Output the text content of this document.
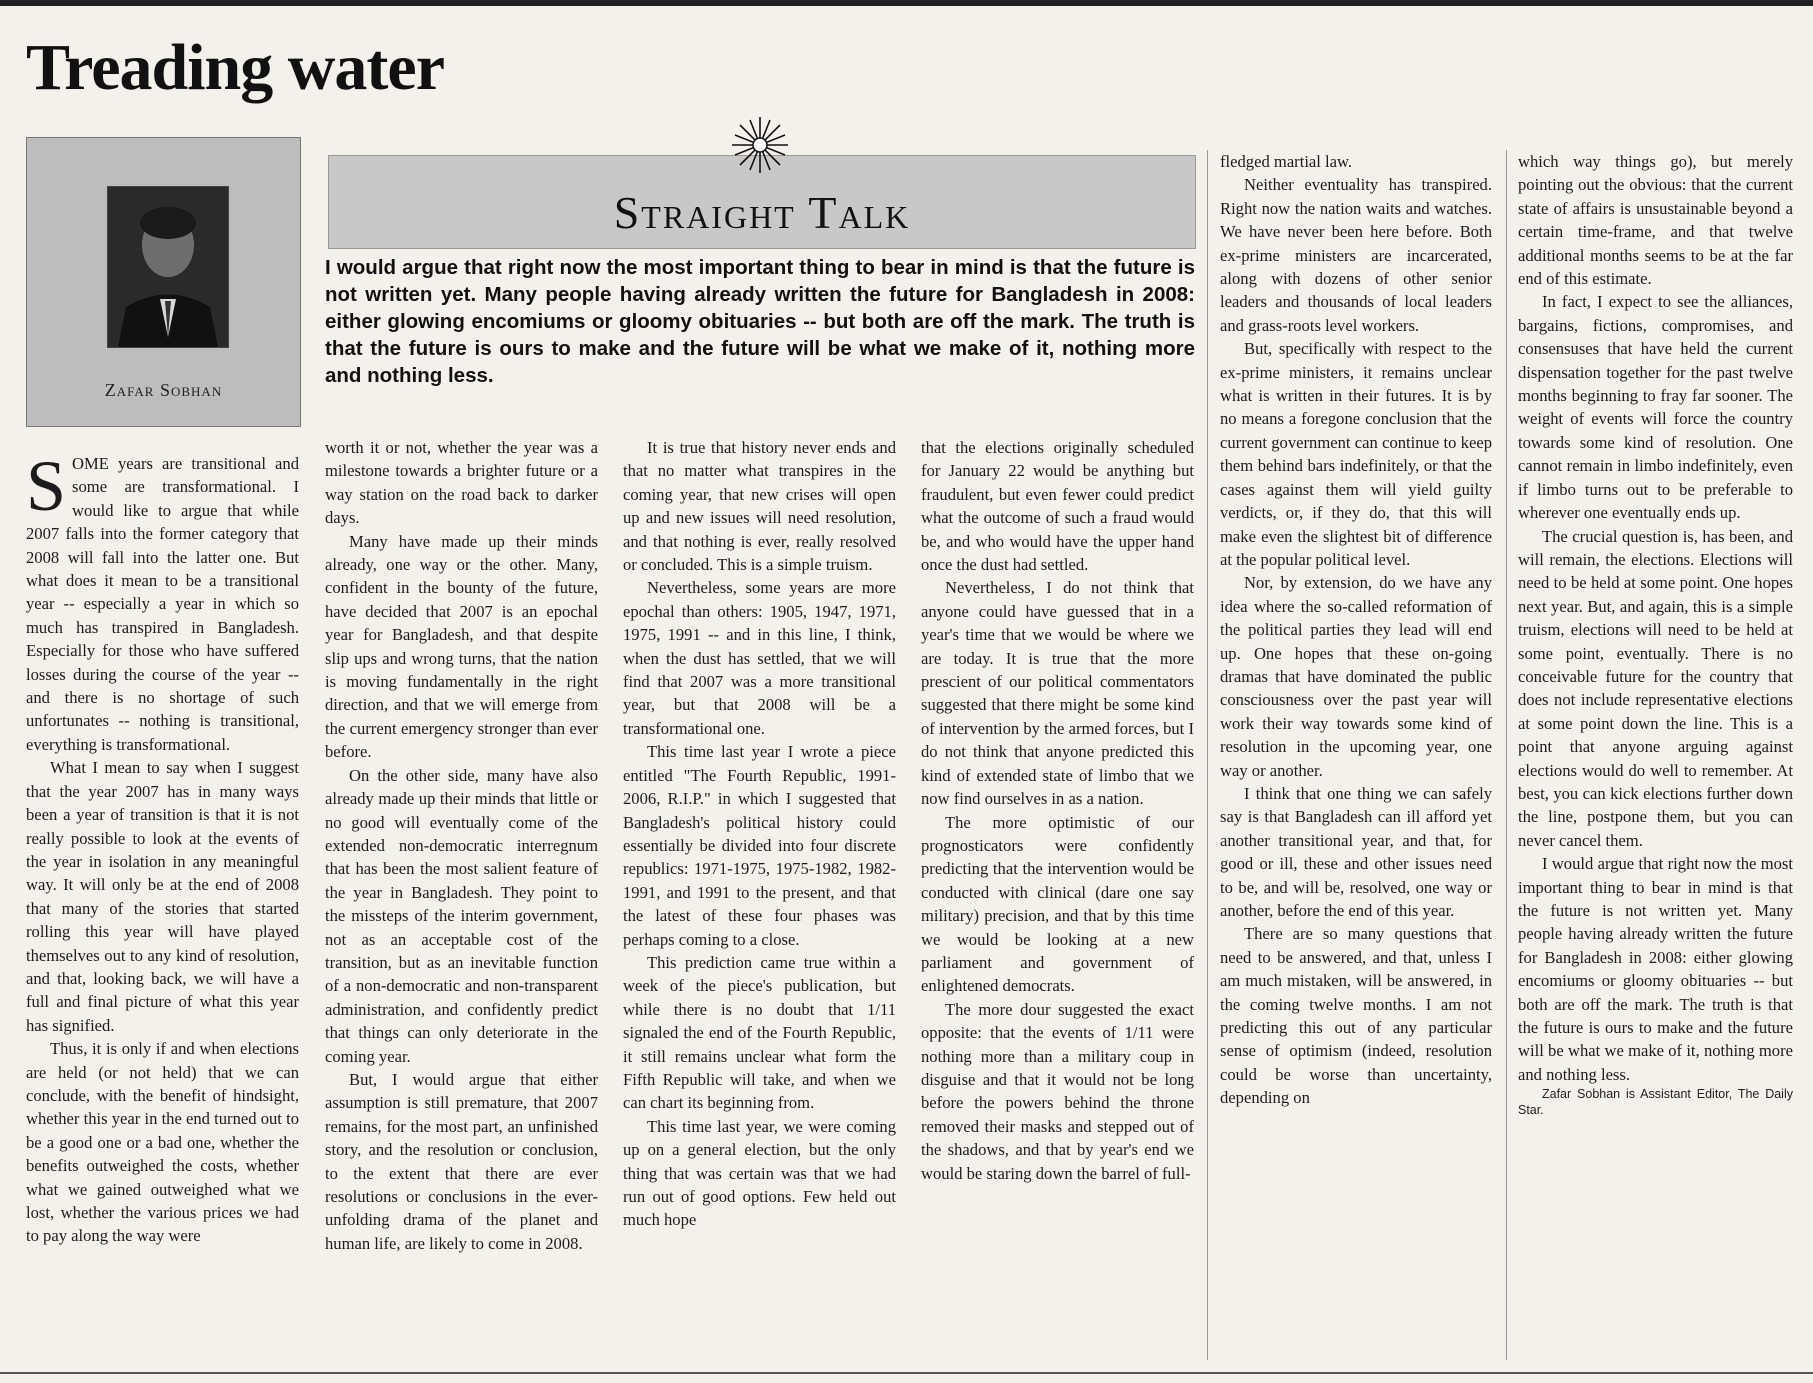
Treading water
Zafar Sobhan
Straight Talk
I would argue that right now the most important thing to bear in mind is that the future is not written yet. Many people having already written the future for Bangladesh in 2008: either glowing encomiums or gloomy obituaries -- but both are off the mark. The truth is that the future is ours to make and the future will be what we make of it, nothing more and nothing less.

SOME years are transitional and some are transformational. I would like to argue that while 2007 falls into the former category that 2008 will fall into the latter one. But what does it mean to be a transitional year -- especially a year in which so much has transpired in Bangladesh. Especially for those who have suffered losses during the course of the year -- and there is no shortage of such unfortunates -- nothing is transitional, everything is transformational.

What I mean to say when I suggest that the year 2007 has in many ways been a year of transition is that it is not really possible to look at the events of the year in isolation in any meaningful way. It will only be at the end of 2008 that many of the stories that started rolling this year will have played themselves out to any kind of resolution, and that, looking back, we will have a full and final picture of what this year has signified.

Thus, it is only if and when elections are held (or not held) that we can conclude, with the benefit of hindsight, whether this year in the end turned out to be a good one or a bad one, whether the benefits outweighed the costs, whether what we gained outweighed what we lost, whether the various prices we had to pay along the way were

worth it or not, whether the year was a milestone towards a brighter future or a way station on the road back to darker days.

Many have made up their minds already, one way or the other. Many, confident in the bounty of the future, have decided that 2007 is an epochal year for Bangladesh, and that despite slip ups and wrong turns, that the nation is moving fundamentally in the right direction, and that we will emerge from the current emergency stronger than ever before.

On the other side, many have also already made up their minds that little or no good will eventually come of the extended non-democratic interregnum that has been the most salient feature of the year in Bangladesh. They point to the missteps of the interim government, not as an acceptable cost of the transition, but as an inevitable function of a non-democratic and non-transparent administration, and confidently predict that things can only deteriorate in the coming year.

But, I would argue that either assumption is still premature, that 2007 remains, for the most part, an unfinished story, and the resolution or conclusion, to the extent that there are ever resolutions or conclusions in the ever-unfolding drama of the planet and human life, are likely to come in 2008.

It is true that history never ends and that no matter what transpires in the coming year, that new crises will open up and new issues will need resolution, and that nothing is ever, really resolved or concluded. This is a simple truism.

Nevertheless, some years are more epochal than others: 1905, 1947, 1971, 1975, 1991 -- and in this line, I think, when the dust has settled, that we will find that 2007 was a more transitional year, but that 2008 will be a transformational one.

This time last year I wrote a piece entitled "The Fourth Republic, 1991-2006, R.I.P." in which I suggested that Bangladesh's political history could essentially be divided into four discrete republics: 1971-1975, 1975-1982, 1982-1991, and 1991 to the present, and that the latest of these four phases was perhaps coming to a close.

This prediction came true within a week of the piece's publication, but while there is no doubt that 1/11 signaled the end of the Fourth Republic, it still remains unclear what form the Fifth Republic will take, and when we can chart its beginning from.

This time last year, we were coming up on a general election, but the only thing that was certain was that we had run out of good options. Few held out much hope

that the elections originally scheduled for January 22 would be anything but fraudulent, but even fewer could predict what the outcome of such a fraud would be, and who would have the upper hand once the dust had settled.

Nevertheless, I do not think that anyone could have guessed that in a year's time that we would be where we are today. It is true that the more prescient of our political commentators suggested that there might be some kind of intervention by the armed forces, but I do not think that anyone predicted this kind of extended state of limbo that we now find ourselves in as a nation.

The more optimistic of our prognosticators were confidently predicting that the intervention would be conducted with clinical (dare one say military) precision, and that by this time we would be looking at a new parliament and government of enlightened democrats.

The more dour suggested the exact opposite: that the events of 1/11 were nothing more than a military coup in disguise and that it would not be long before the powers behind the throne removed their masks and stepped out of the shadows, and that by year's end we would be staring down the barrel of full-

fledged martial law.

Neither eventuality has transpired. Right now the nation waits and watches. We have never been here before. Both ex-prime ministers are incarcerated, along with dozens of other senior leaders and thousands of local leaders and grass-roots level workers.

But, specifically with respect to the ex-prime ministers, it remains unclear what is written in their futures. It is by no means a foregone conclusion that the current government can continue to keep them behind bars indefinitely, or that the cases against them will yield guilty verdicts, or, if they do, that this will make even the slightest bit of difference at the popular political level.

Nor, by extension, do we have any idea where the so-called reformation of the political parties they lead will end up. One hopes that these on-going dramas that have dominated the public consciousness over the past year will work their way towards some kind of resolution in the upcoming year, one way or another.

I think that one thing we can safely say is that Bangladesh can ill afford yet another transitional year, and that, for good or ill, these and other issues need to be, and will be, resolved, one way or another, before the end of this year.

There are so many questions that need to be answered, and that, unless I am much mistaken, will be answered, in the coming twelve months. I am not predicting this out of any particular sense of optimism (indeed, resolution could be worse than uncertainty, depending on

which way things go), but merely pointing out the obvious: that the current state of affairs is unsustainable beyond a certain time-frame, and that twelve additional months seems to be at the far end of this estimate.

In fact, I expect to see the alliances, bargains, fictions, compromises, and consensuses that have held the current dispensation together for the past twelve months beginning to fray far sooner. The weight of events will force the country towards some kind of resolution. One cannot remain in limbo indefinitely, even if limbo turns out to be preferable to wherever one eventually ends up.

The crucial question is, has been, and will remain, the elections. Elections will need to be held at some point. One hopes next year. But, and again, this is a simple truism, elections will need to be held at some point, eventually. There is no conceivable future for the country that does not include representative elections at some point down the line. This is a point that anyone arguing against elections would do well to remember. At best, you can kick elections further down the line, postpone them, but you can never cancel them.

I would argue that right now the most important thing to bear in mind is that the future is not written yet. Many people having already written the future for Bangladesh in 2008: either glowing encomiums or gloomy obituaries -- but both are off the mark. The truth is that the future is ours to make and the future will be what we make of it, nothing more and nothing less.

Zafar Sobhan is Assistant Editor, The Daily Star.
